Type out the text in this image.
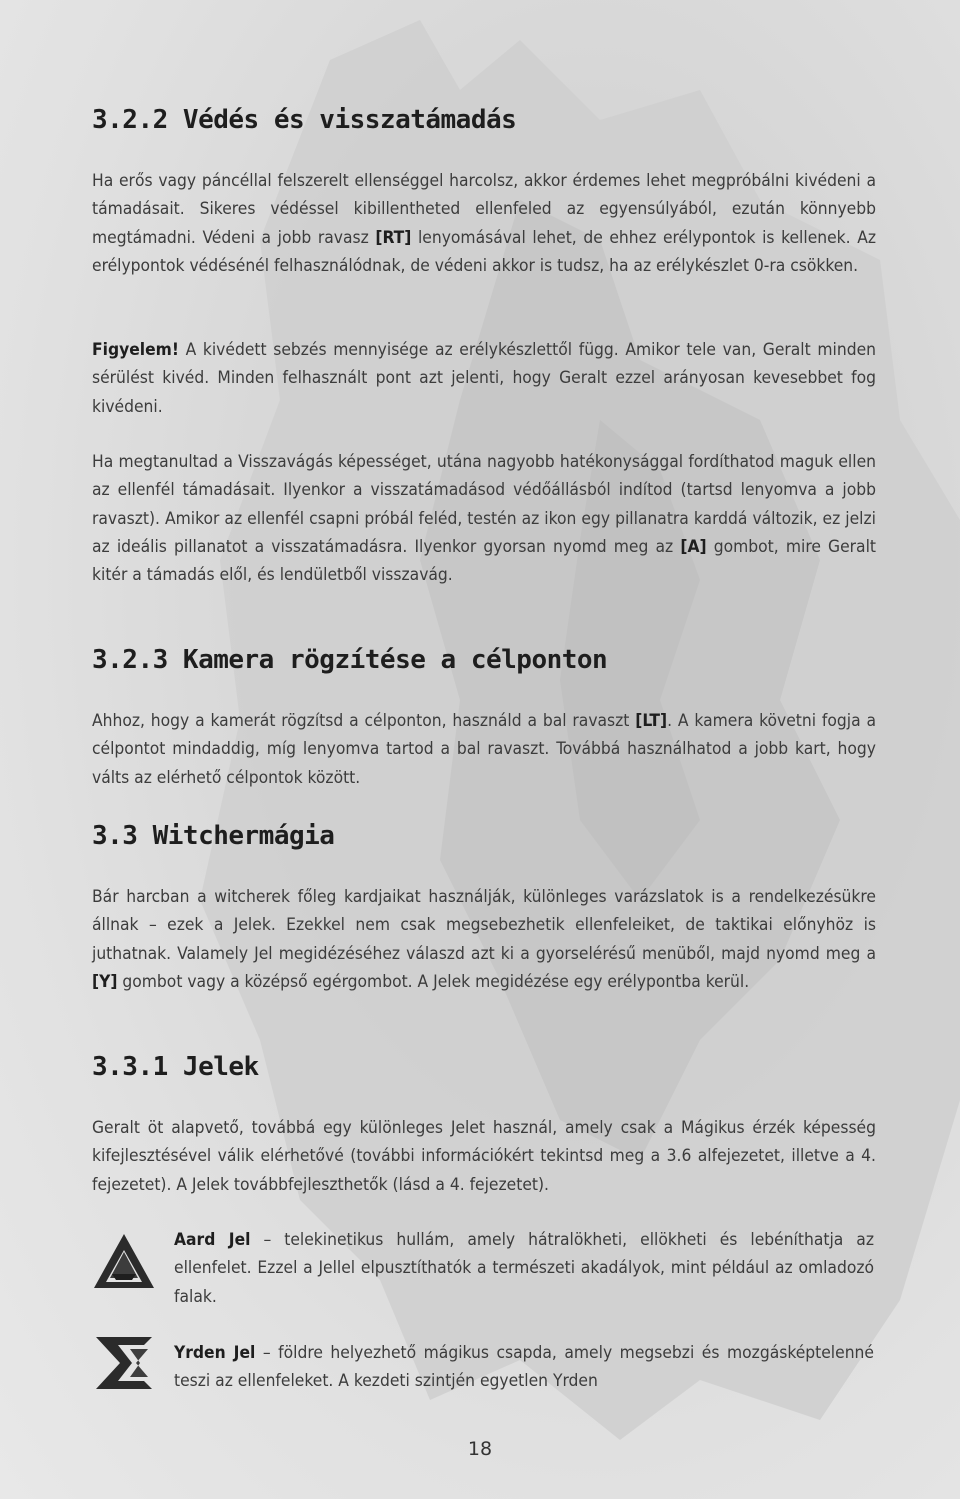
3.2.2 Védés és visszatámadás

Ha erős vagy páncéllal felszerelt ellenséggel harcolsz, akkor érdemes lehet megpróbálni kivédeni a támadásait. Sikeres védéssel kibillentheted ellenfeled az egyensúlyából, ezután könnyebb megtámadni. Védeni a jobb ravasz [RT] lenyomásával lehet, de ehhez erélypontok is kellenek. Az erélypontok védésénél felhasználódnak, de védeni akkor is tudsz, ha az erélykészlet 0-ra csökken.

Figyelem! A kivédett sebzés mennyisége az erélykészlettől függ. Amikor tele van, Geralt minden sérülést kivéd. Minden felhasznált pont azt jelenti, hogy Geralt ezzel arányosan kevesebbet fog kivédeni.

Ha megtanultad a Visszavágás képességet, utána nagyobb hatékonysággal fordíthatod maguk ellen az ellenfél támadásait. Ilyenkor a visszatámadásod védőállásból indítod (tartsd lenyomva a jobb ravaszt). Amikor az ellenfél csapni próbál feléd, testén az ikon egy pillanatra karddá változik, ez jelzi az ideális pillanatot a visszatámadásra. Ilyenkor gyorsan nyomd meg az [A] gombot, mire Geralt kitér a támadás elől, és lendületből visszavág.

3.2.3 Kamera rögzítése a célponton

Ahhoz, hogy a kamerát rögzítsd a célponton, használd a bal ravaszt [LT]. A kamera követni fogja a célpontot mindaddig, míg lenyomva tartod a bal ravaszt. Továbbá használhatod a jobb kart, hogy válts az elérhető célpontok között.

3.3 Witchermágia

Bár harcban a witcherek főleg kardjaikat használják, különleges varázslatok is a rendelkezésükre állnak – ezek a Jelek. Ezekkel nem csak megsebezhetik ellenfeleiket, de taktikai előnyhöz is juthatnak. Valamely Jel megidézéséhez válaszd azt ki a gyorselérésű menüből, majd nyomd meg a [Y] gombot vagy a középső egérgombot. A Jelek megidézése egy erélypontba kerül.

3.3.1 Jelek

Geralt öt alapvető, továbbá egy különleges Jelet használ, amely csak a Mágikus érzék képesség kifejlesztésével válik elérhetővé (további információkért tekintsd meg a 3.6 alfejezetet, illetve a 4. fejezetet). A Jelek továbbfejleszthetők (lásd a 4. fejezetet).

Aard Jel – telekinetikus hullám, amely hátralökheti, ellökheti és lebéníthatja az ellenfelet. Ezzel a Jellel elpusztíthatók a természeti akadályok, mint például az omladozó falak.

Yrden Jel – földre helyezhető mágikus csapda, amely megsebzi és mozgásképtelenné teszi az ellenfeleket. A kezdeti szintjén egyetlen Yrden

18
